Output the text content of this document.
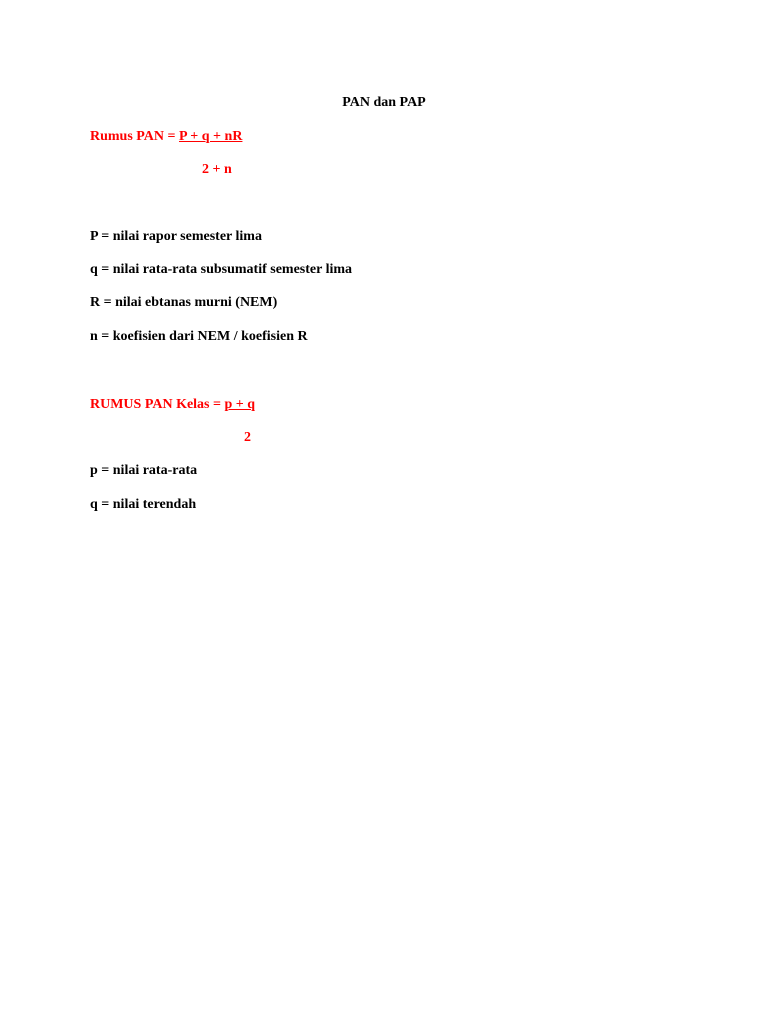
PAN dan PAP
Rumus PAN = P + q + nR
2 + n
P = nilai rapor semester lima
q = nilai rata-rata subsumatif semester lima
R = nilai ebtanas murni (NEM)
n = koefisien dari NEM / koefisien R
RUMUS PAN Kelas = p + q
2
p = nilai rata-rata
q = nilai terendah
